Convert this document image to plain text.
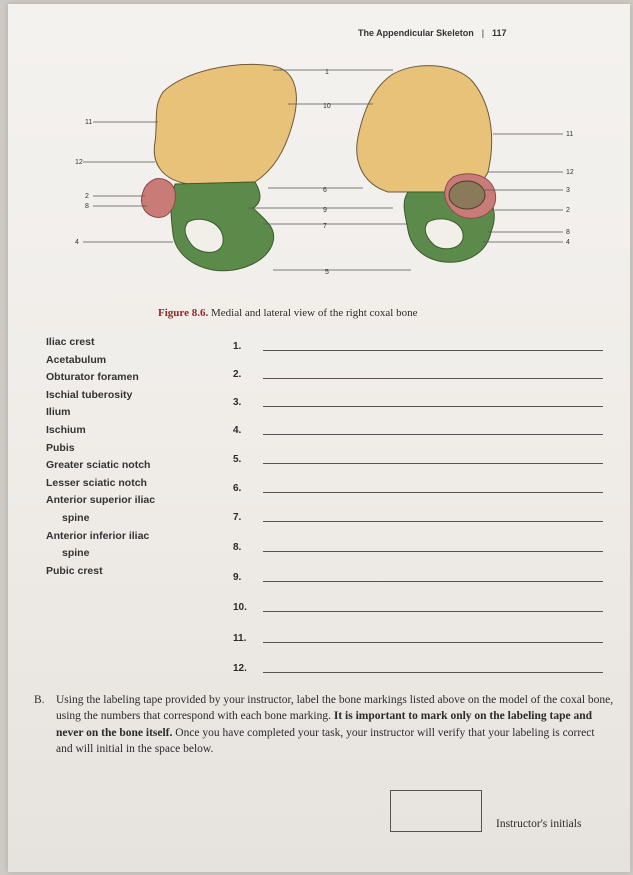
The Appendicular Skeleton | 117
11
12
2
8
4
1
10
6
9
7
5
11
12
3
2
8
4
Figure 8.6. Medial and lateral view of the right coxal bone
Iliac crest
Acetabulum
Obturator foramen
Ischial tuberosity
Ilium
Ischium
Pubis
Greater sciatic notch
Lesser sciatic notch
Anterior superior iliac
spine
Anterior inferior iliac
spine
Pubic crest
1.
2.
3.
4.
5.
6.
7.
8.
9.
10.
11.
12.
B. Using the labeling tape provided by your instructor, label the bone markings listed above on the model of the coxal bone, using the numbers that correspond with each bone marking. It is important to mark only on the labeling tape and never on the bone itself. Once you have completed your task, your instructor will verify that your labeling is correct and will initial in the space below.
Instructor's initials
